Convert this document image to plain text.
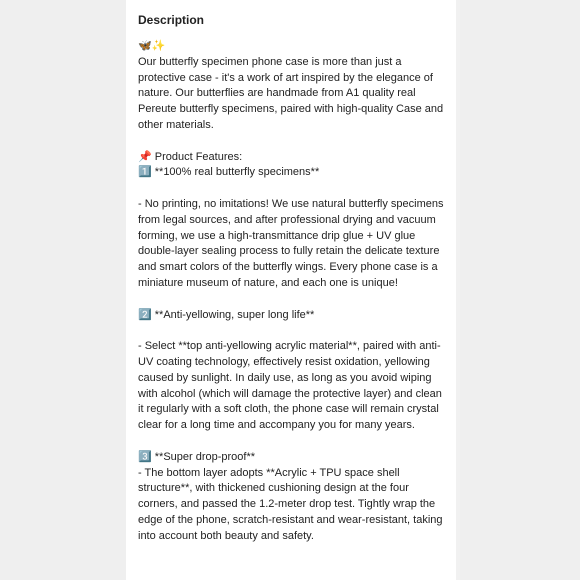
Description
🦋✨
Our butterfly specimen phone case is more than just a protective case - it's a work of art inspired by the elegance of nature. Our butterflies are handmade from A1 quality real Pereute butterfly specimens, paired with high-quality Case and other materials.

📌 Product Features:
1️⃣ **100% real butterfly specimens**

- No printing, no imitations! We use natural butterfly specimens from legal sources, and after professional drying and vacuum forming, we use a high-transmittance drip glue + UV glue double-layer sealing process to fully retain the delicate texture and smart colors of the butterfly wings. Every phone case is a miniature museum of nature, and each one is unique!

2️⃣ **Anti-yellowing, super long life**

- Select **top anti-yellowing acrylic material**, paired with anti-UV coating technology, effectively resist oxidation, yellowing caused by sunlight. In daily use, as long as you avoid wiping with alcohol (which will damage the protective layer) and clean it regularly with a soft cloth, the phone case will remain crystal clear for a long time and accompany you for many years.

3️⃣ **Super drop-proof**
- The bottom layer adopts **Acrylic + TPU space shell structure**, with thickened cushioning design at the four corners, and passed the 1.2-meter drop test. Tightly wrap the edge of the phone, scratch-resistant and wear-resistant, taking into account both beauty and safety.
